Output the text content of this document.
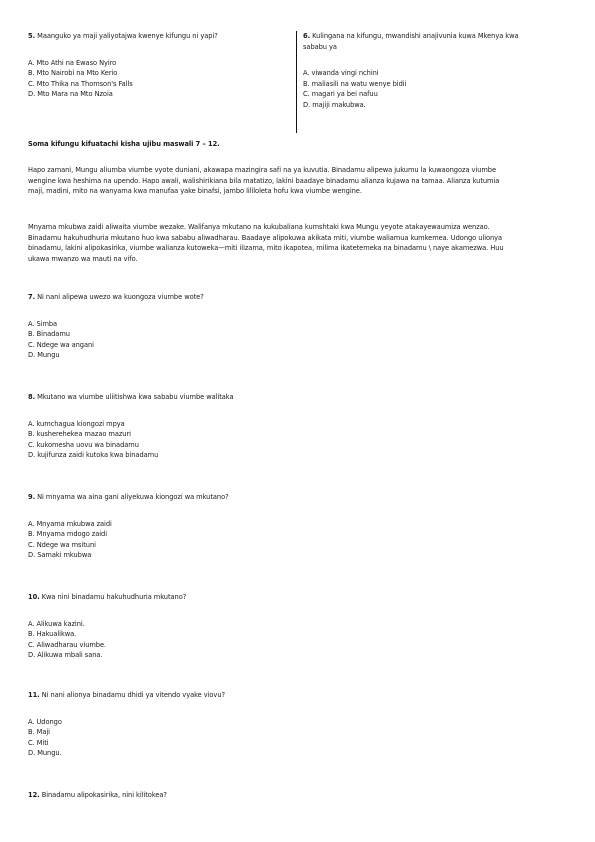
5. Maanguko ya maji yaliyotajwa kwenye kifungu ni yapi?
A. Mto Athi na Ewaso Nyiro
B. Mto Nairobi na Mto Kerio
C. Mto Thika na Thomson's Falls
D. Mto Mara na Mto Nzoia
6. Kulingana na kifungu, mwandishi anajivunia kuwa Mkenya kwa
sababu ya
A. viwanda vingi nchini
B. maliasili na watu wenye bidii
C. magari ya bei nafuu
D. majiji makubwa.
Soma kifungu kifuatachi kisha ujibu maswali 7 – 12.
Hapo zamani, Mungu aliumba viumbe vyote duniani, akawapa mazingira safi na ya kuvutia. Binadamu alipewa jukumu la kuwaongoza viumbe
wengine kwa heshima na upendo. Hapo awali, walishirikiana bila matatizo, lakini baadaye binadamu alianza kujawa na tamaa. Alianza kutumia
maji, madini, mito na wanyama kwa manufaa yake binafsi, jambo lililoleta hofu kwa viumbe wengine.
Mnyama mkubwa zaidi aliwaita viumbe wezake. Walifanya mkutano na kukubaliana kumshtaki kwa Mungu yeyote atakayewaumiza wenzao.
Binadamu hakuhudhuria mkutano huo kwa sababu aliwadharau. Baadaye alipokuwa akikata miti, viumbe waliamua kumkemea. Udongo ulionya
binadamu, lakini alipokasirika, viumbe walianza kutoweka—miti ilizama, mito ikapotea, milima ikatetemeka na binadamu \ naye akamezwa. Huu
ukawa mwanzo wa mauti na vifo.
7. Ni nani alipewa uwezo wa kuongoza viumbe wote?
A. Simba
B. Binadamu
C. Ndege wa angani
D. Mungu
8. Mkutano wa viumbe uliitishwa kwa sababu viumbe walitaka
A. kumchagua kiongozi mpya
B. kusherehekea mazao mazuri
C. kukomesha uovu wa binadamu
D. kujifunza zaidi kutoka kwa binadamu
9. Ni mnyama wa aina gani aliyekuwa kiongozi wa mkutano?
A. Mnyama mkubwa zaidi
B. Mnyama mdogo zaidi
C. Ndege wa msituni
D. Samaki mkubwa
10. Kwa nini binadamu hakuhudhuria mkutano?
A. Alikuwa kazini.
B. Hakualikwa.
C. Aliwadharau viumbe.
D. Alikuwa mbali sana.
11. Ni nani alionya binadamu dhidi ya vitendo vyake viovu?
A. Udongo
B. Maji
C. Miti
D. Mungu.
12. Binadamu alipokasirika, nini kilitokea?
